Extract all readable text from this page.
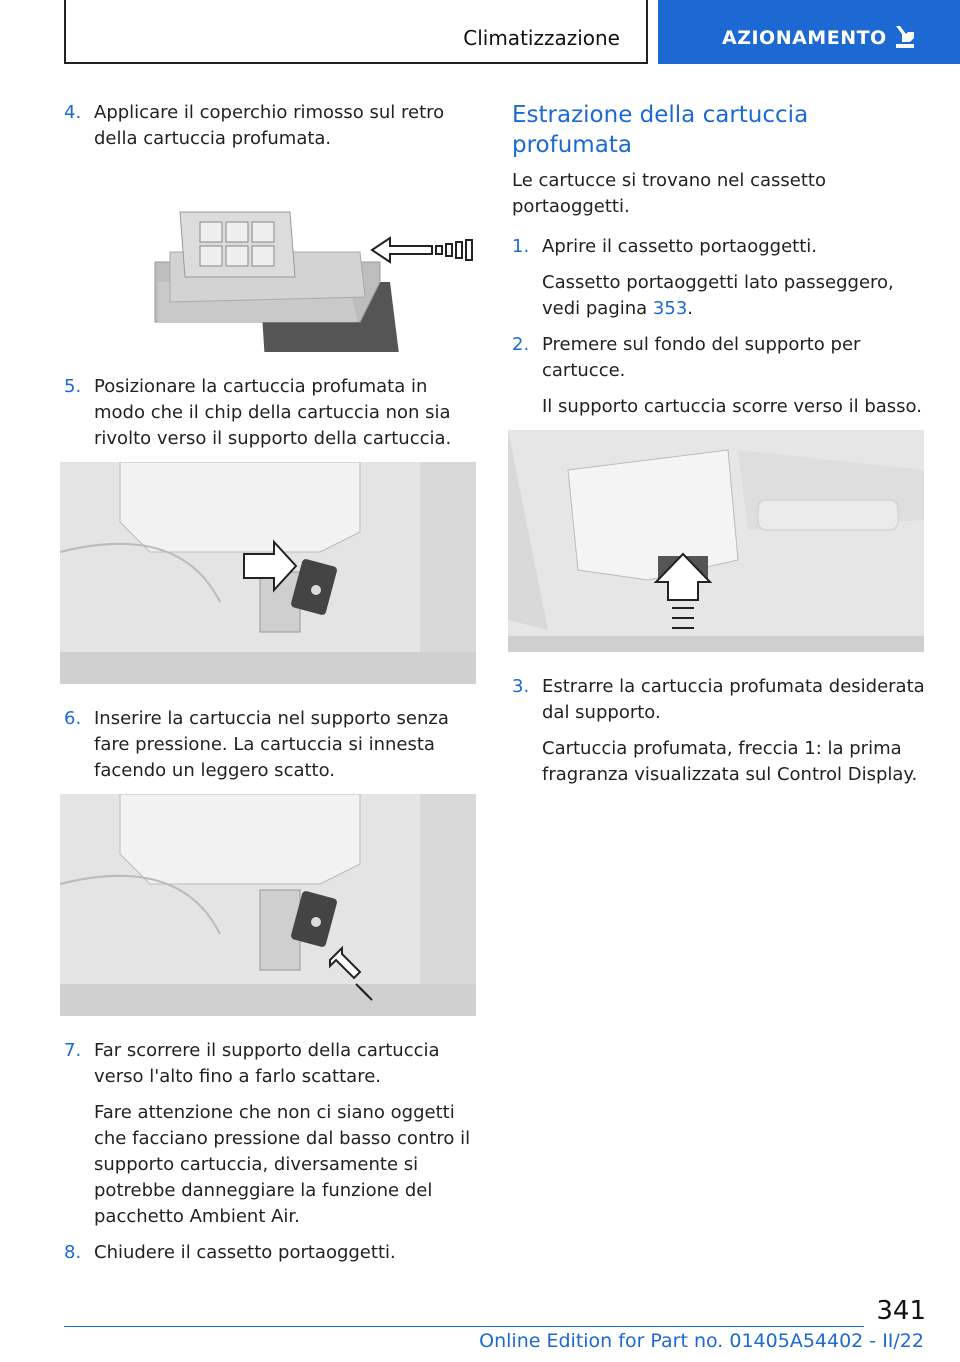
Climatizzazione	AZIONAMENTO
4. Applicare il coperchio rimosso sul retro della cartuccia profumata.
5. Posizionare la cartuccia profumata in modo che il chip della cartuccia non sia rivolto verso il supporto della cartuccia.
6. Inserire la cartuccia nel supporto senza fare pressione. La cartuccia si innesta facendo un leggero scatto.
7. Far scorrere il supporto della cartuccia verso l'alto fino a farlo scattare.
Fare attenzione che non ci siano oggetti che facciano pressione dal basso contro il supporto cartuccia, diversamente si potrebbe danneggiare la funzione del pacchetto Ambient Air.
8. Chiudere il cassetto portaoggetti.
Estrazione della cartuccia profumata
Le cartucce si trovano nel cassetto portaoggetti.
1. Aprire il cassetto portaoggetti.
Cassetto portaoggetti lato passeggero, vedi pagina 353.
2. Premere sul fondo del supporto per cartucce.
Il supporto cartuccia scorre verso il basso.
3. Estrarre la cartuccia profumata desiderata dal supporto.
Cartuccia profumata, freccia 1: la prima fragranza visualizzata sul Control Display.
341
Online Edition for Part no. 01405A54402 - II/22
